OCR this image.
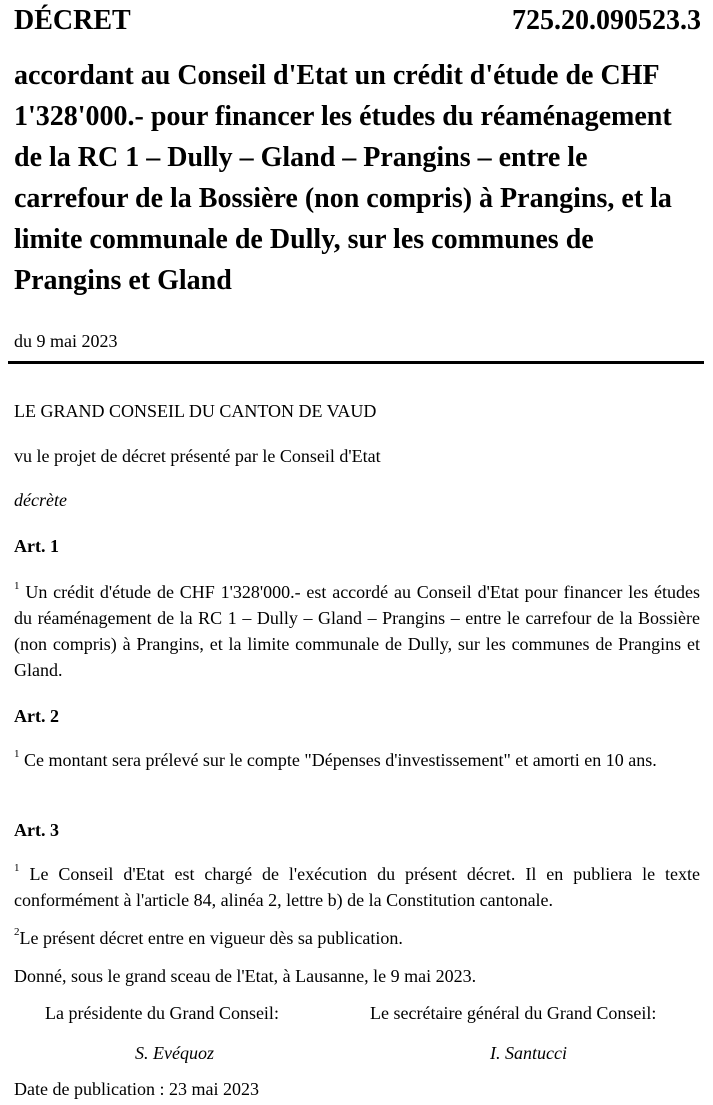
DÉCRET	725.20.090523.3
accordant au Conseil d'Etat un crédit d'étude de CHF 1'328'000.- pour financer les études du réaménagement de la RC 1 – Dully – Gland – Prangins – entre le carrefour de la Bossière (non compris) à Prangins, et la limite communale de Dully, sur les communes de Prangins et Gland
du 9 mai 2023
LE GRAND CONSEIL DU CANTON DE VAUD
vu le projet de décret présenté par le Conseil d'Etat
décrète
Art. 1
$^1$ Un crédit d'étude de CHF 1'328'000.- est accordé au Conseil d'Etat pour financer les études du réaménagement de la RC 1 – Dully – Gland – Prangins – entre le carrefour de la Bossière (non compris) à Prangins, et la limite communale de Dully, sur les communes de Prangins et Gland.
Art. 2
$^1$ Ce montant sera prélevé sur le compte "Dépenses d'investissement" et amorti en 10 ans.
Art. 3
$^1$ Le Conseil d'Etat est chargé de l'exécution du présent décret. Il en publiera le texte conformément à l'article 84, alinéa 2, lettre b) de la Constitution cantonale.
$^2$Le présent décret entre en vigueur dès sa publication.
Donné, sous le grand sceau de l'Etat, à Lausanne, le 9 mai 2023.
La présidente du Grand Conseil:	Le secrétaire général du Grand Conseil:
S. Evéquoz	I. Santucci
Date de publication : 23 mai 2023
